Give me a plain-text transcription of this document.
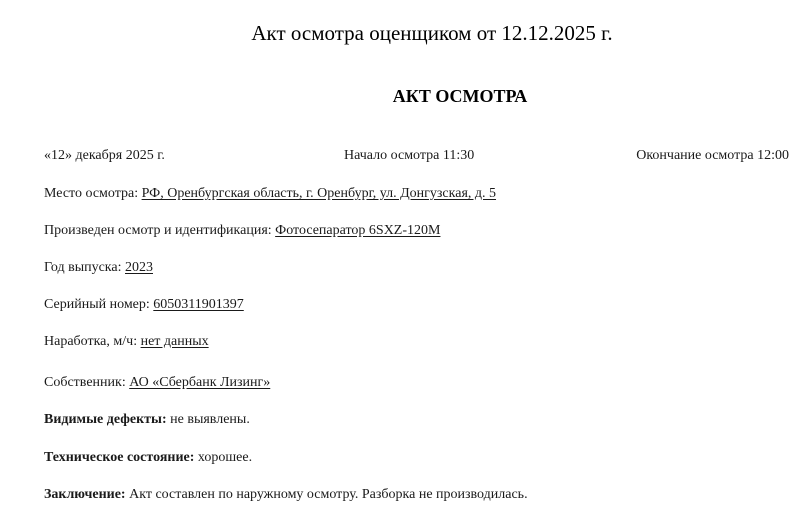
Акт осмотра оценщиком от 12.12.2025 г.
АКТ ОСМОТРА
«12» декабря 2025 г.	Начало осмотра 11:30	Окончание осмотра 12:00
Место осмотра: РФ, Оренбургская область, г. Оренбург, ул. Донгузская, д. 5
Произведен осмотр и идентификация: Фотосепаратор 6SXZ-120M
Год выпуска: 2023
Серийный номер: 6050311901397
Наработка, м/ч: нет данных
Собственник: АО «Сбербанк Лизинг»
Видимые дефекты: не выявлены.
Техническое состояние: хорошее.
Заключение: Акт составлен по наружному осмотру. Разборка не производилась.
